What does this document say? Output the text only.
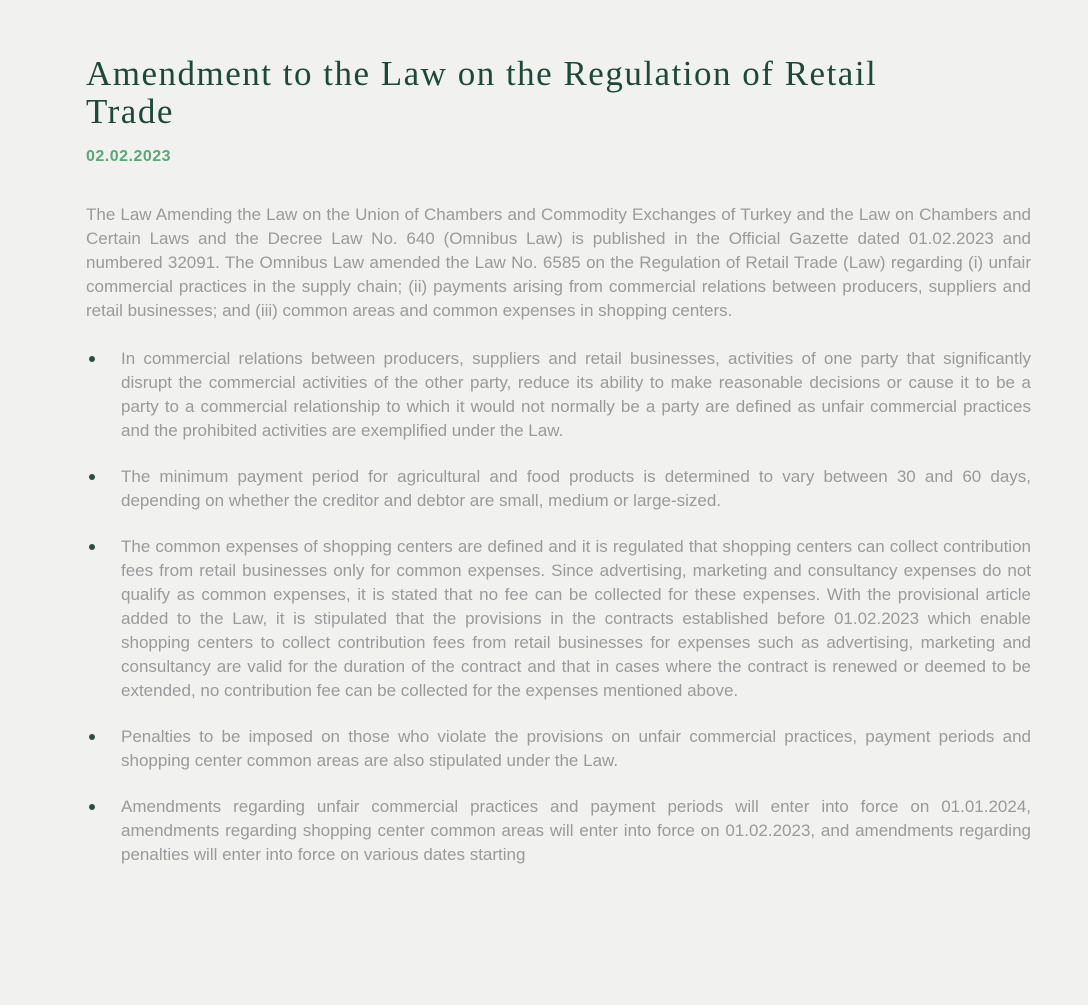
Amendment to the Law on the Regulation of Retail Trade
02.02.2023

The Law Amending the Law on the Union of Chambers and Commodity Exchanges of Turkey and the Law on Chambers and Certain Laws and the Decree Law No. 640 (Omnibus Law) is published in the Official Gazette dated 01.02.2023 and numbered 32091. The Omnibus Law amended the Law No. 6585 on the Regulation of Retail Trade (Law) regarding (i) unfair commercial practices in the supply chain; (ii) payments arising from commercial relations between producers, suppliers and retail businesses; and (iii) common areas and common expenses in shopping centers.

In commercial relations between producers, suppliers and retail businesses, activities of one party that significantly disrupt the commercial activities of the other party, reduce its ability to make reasonable decisions or cause it to be a party to a commercial relationship to which it would not normally be a party are defined as unfair commercial practices and the prohibited activities are exemplified under the Law.
The minimum payment period for agricultural and food products is determined to vary between 30 and 60 days, depending on whether the creditor and debtor are small, medium or large-sized.
The common expenses of shopping centers are defined and it is regulated that shopping centers can collect contribution fees from retail businesses only for common expenses. Since advertising, marketing and consultancy expenses do not qualify as common expenses, it is stated that no fee can be collected for these expenses. With the provisional article added to the Law, it is stipulated that the provisions in the contracts established before 01.02.2023 which enable shopping centers to collect contribution fees from retail businesses for expenses such as advertising, marketing and consultancy are valid for the duration of the contract and that in cases where the contract is renewed or deemed to be extended, no contribution fee can be collected for the expenses mentioned above.
Penalties to be imposed on those who violate the provisions on unfair commercial practices, payment periods and shopping center common areas are also stipulated under the Law.
Amendments regarding unfair commercial practices and payment periods will enter into force on 01.01.2024, amendments regarding shopping center common areas will enter into force on 01.02.2023, and amendments regarding penalties will enter into force on various dates starting
